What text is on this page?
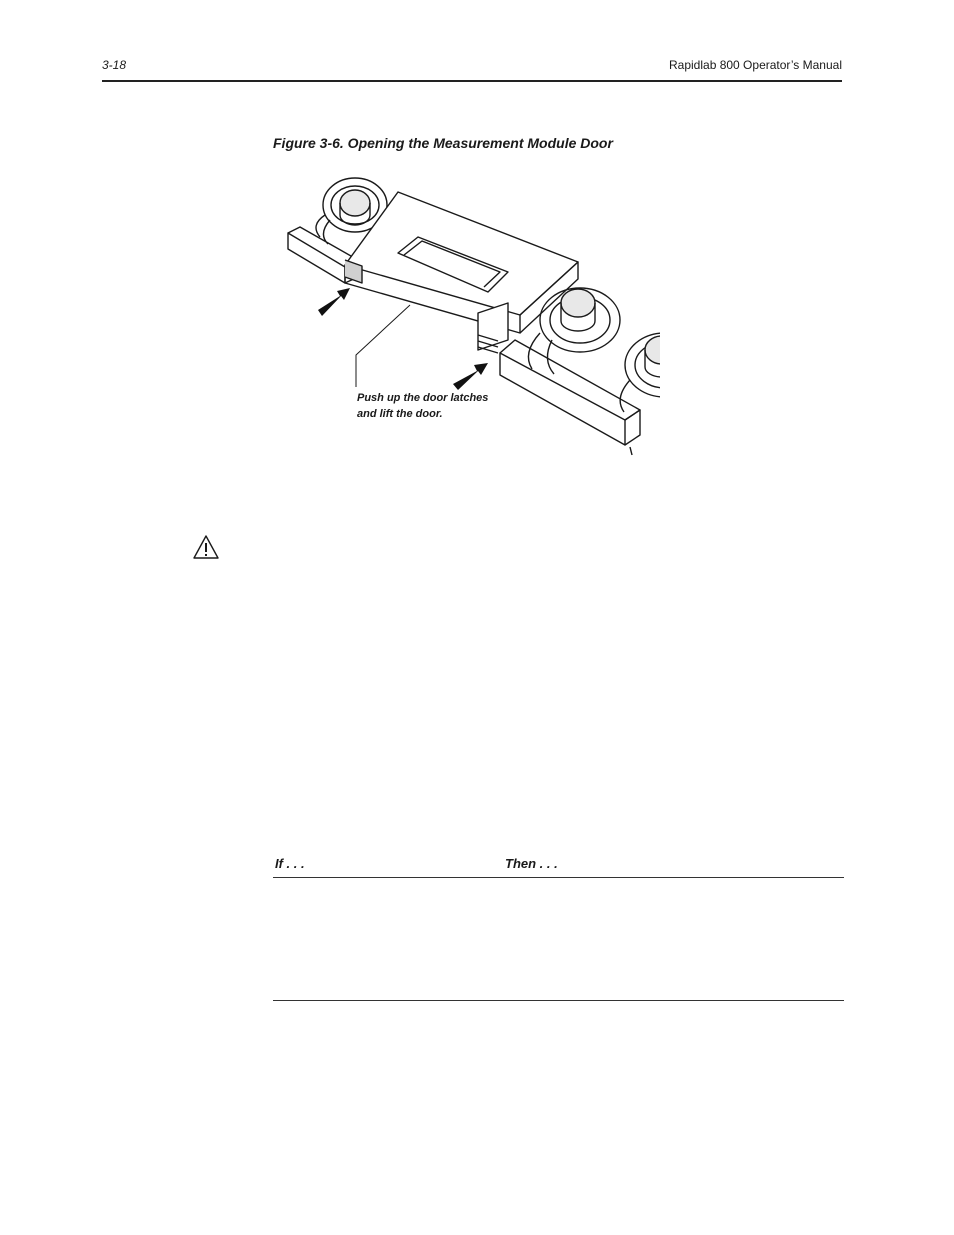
3-18	Rapidlab 800 Operator’s Manual
Figure 3-6. Opening the Measurement Module Door
Push up the door latches
and lift the door.
If . . .	Then . . .
